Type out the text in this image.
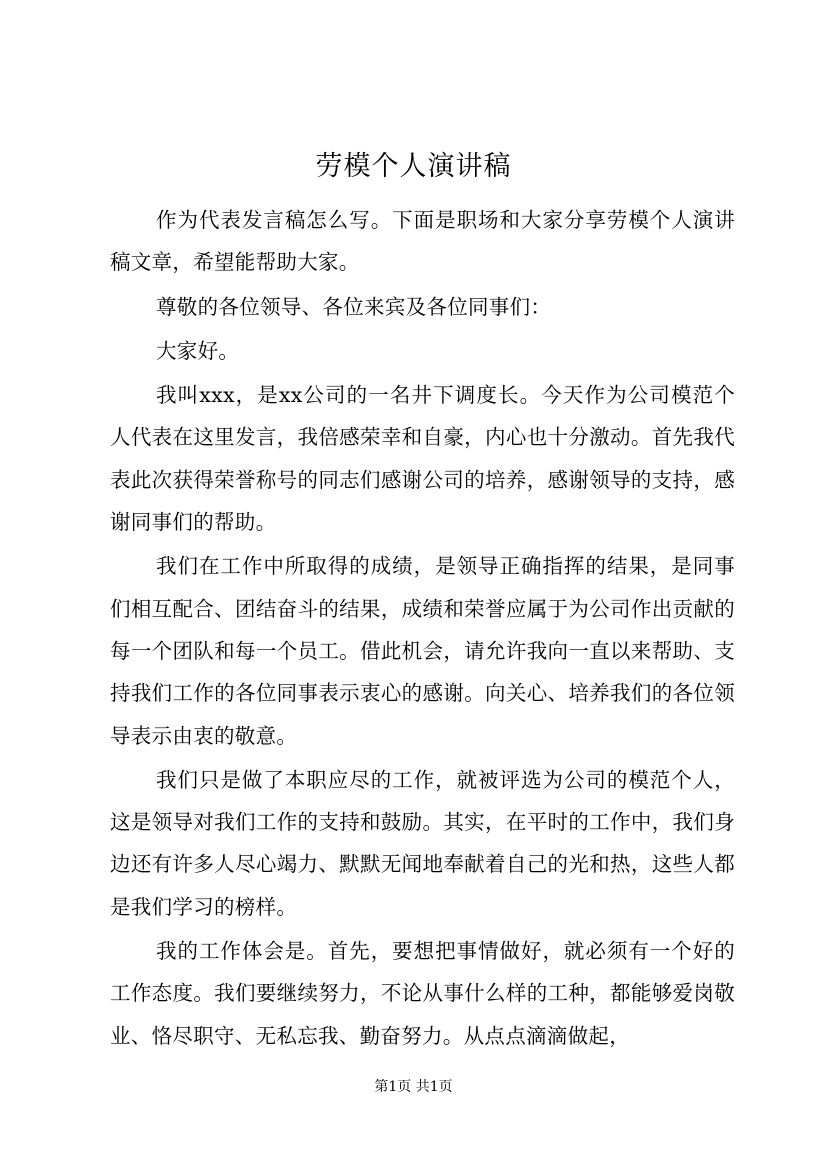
劳模个人演讲稿

作为代表发言稿怎么写。下面是职场和大家分享劳模个人演讲稿文章，希望能帮助大家。

尊敬的各位领导、各位来宾及各位同事们：

大家好。

我叫xxx，是xx公司的一名井下调度长。今天作为公司模范个人代表在这里发言，我倍感荣幸和自豪，内心也十分激动。首先我代表此次获得荣誉称号的同志们感谢公司的培养，感谢领导的支持，感谢同事们的帮助。

我们在工作中所取得的成绩，是领导正确指挥的结果，是同事们相互配合、团结奋斗的结果，成绩和荣誉应属于为公司作出贡献的每一个团队和每一个员工。借此机会，请允许我向一直以来帮助、支持我们工作的各位同事表示衷心的感谢。向关心、培养我们的各位领导表示由衷的敬意。

我们只是做了本职应尽的工作，就被评选为公司的模范个人，这是领导对我们工作的支持和鼓励。其实，在平时的工作中，我们身边还有许多人尽心竭力、默默无闻地奉献着自己的光和热，这些人都是我们学习的榜样。

我的工作体会是。首先，要想把事情做好，就必须有一个好的工作态度。我们要继续努力，不论从事什么样的工种，都能够爱岗敬业、恪尽职守、无私忘我、勤奋努力。从点点滴滴做起，

第1页 共1页
